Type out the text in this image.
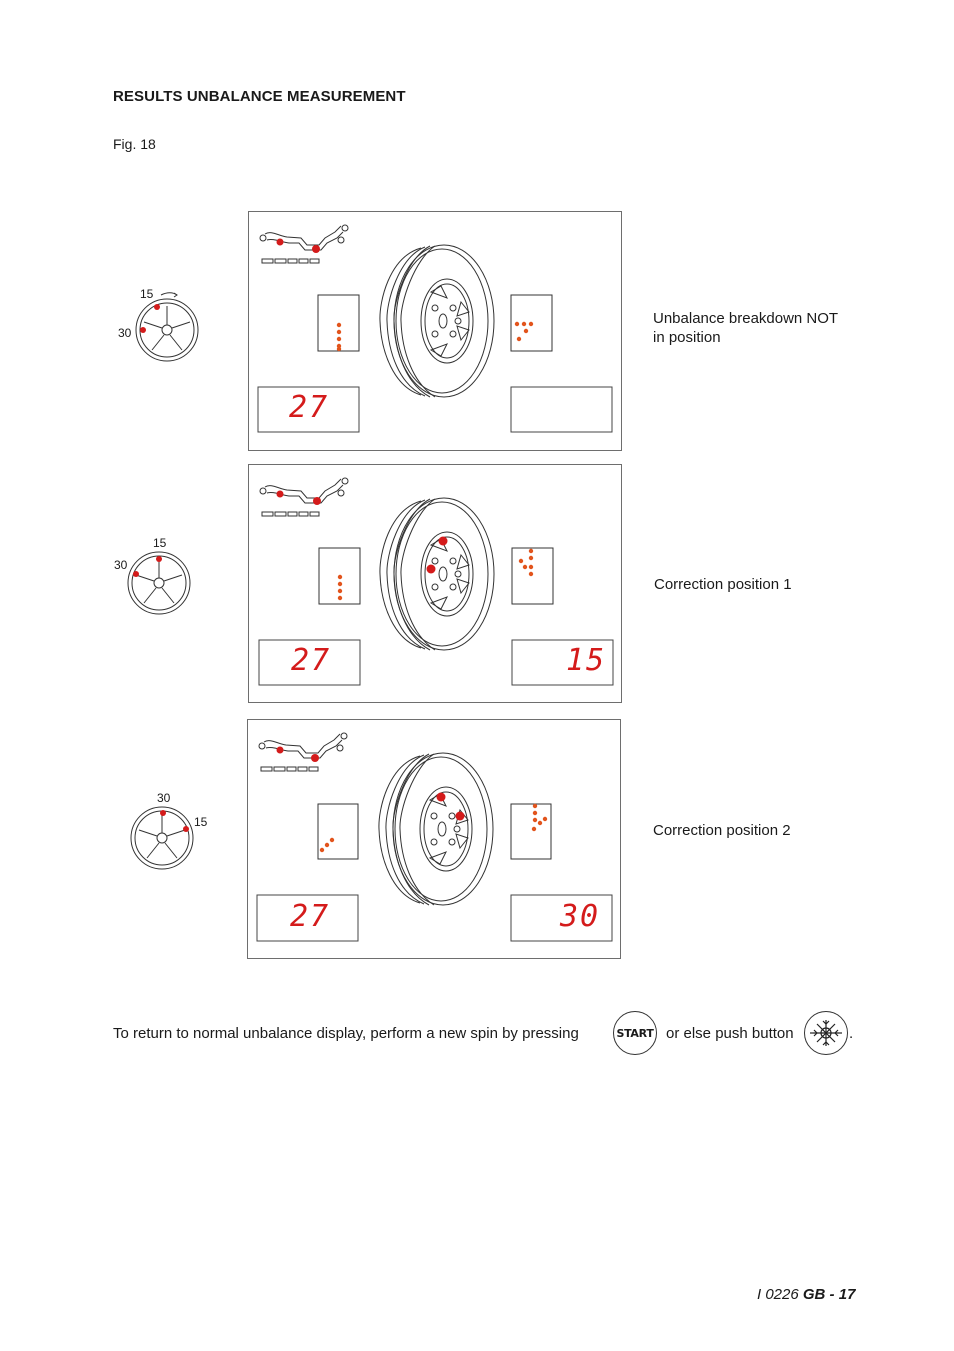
RESULTS UNBALANCE MEASUREMENT
Fig. 18
27
Unbalance breakdown NOT
in position
15
30
27	15
Correction position 1
15
30
27	30
Correction position 2
30
15
To return to normal unbalance display, perform a new spin by pressing	START or else push button	.
I 0226 GB - 17
